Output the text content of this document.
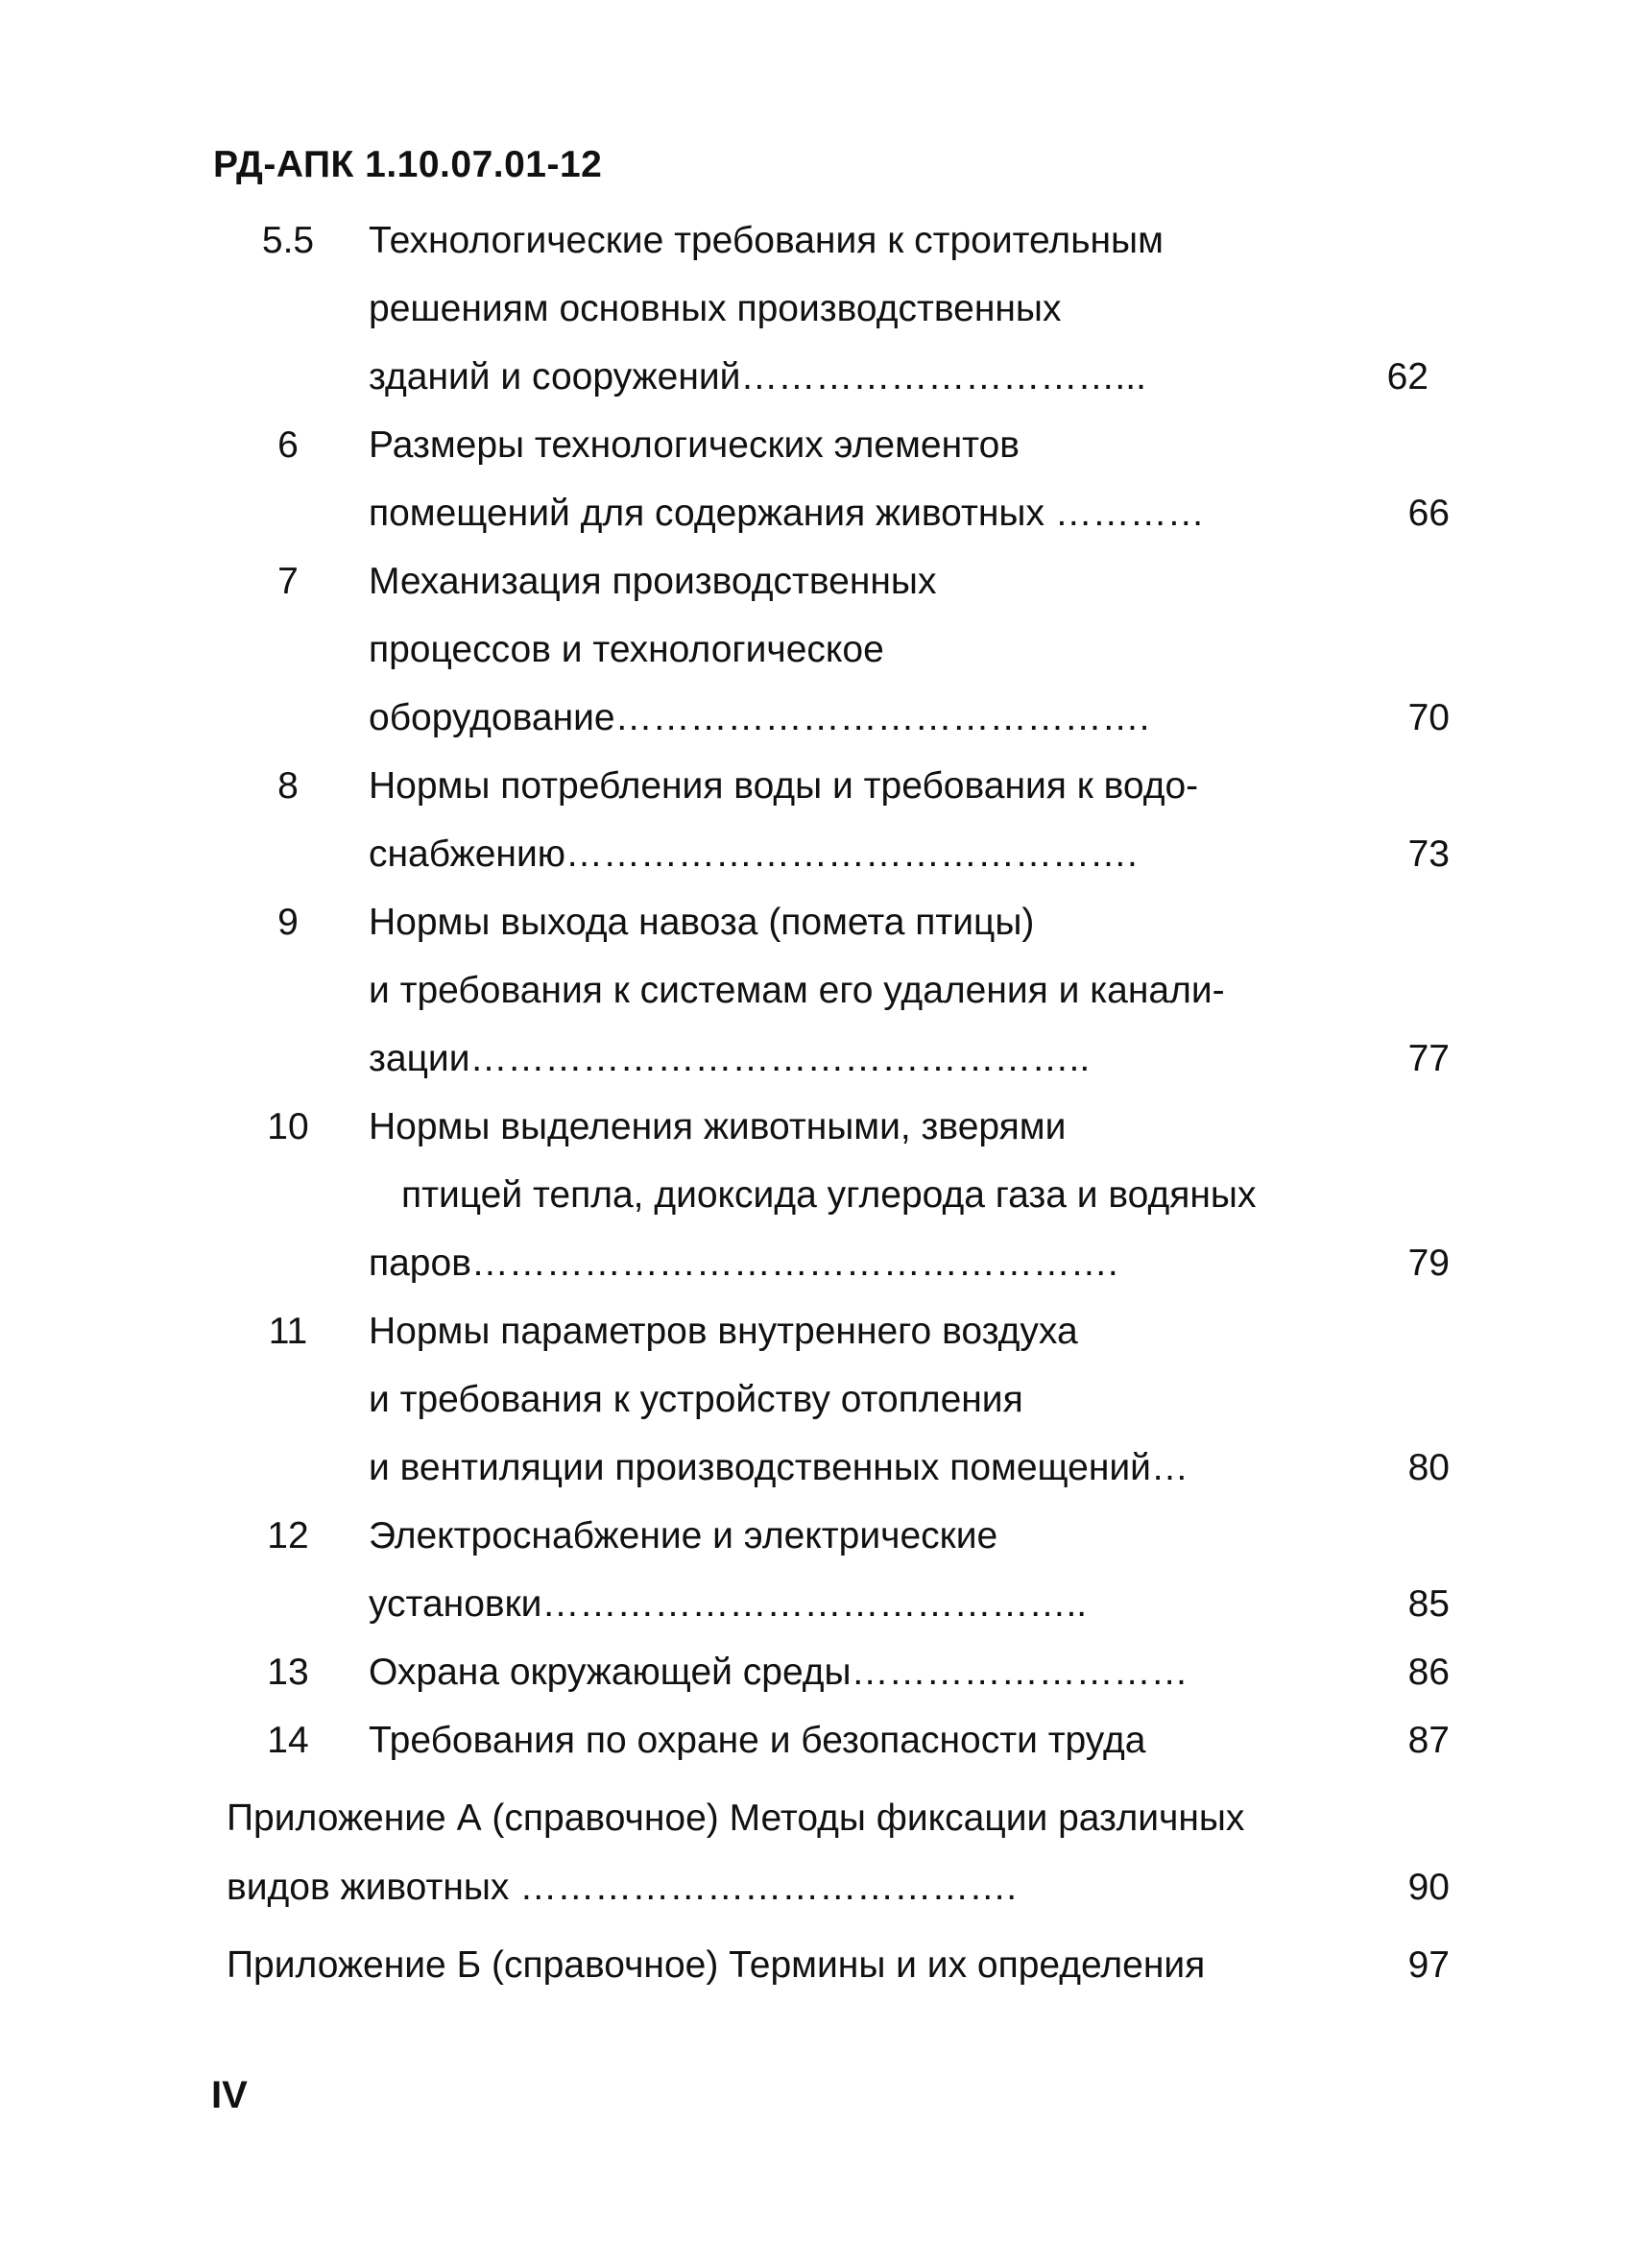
РД-АПК 1.10.07.01-12
5.5	Технологические требования к строительным
решениям основных производственных
зданий и сооружений…………………………...	62
6	Размеры технологических элементов
помещений для содержания животных …………	66
7	Механизация производственных
процессов и технологическое
оборудование…………………………………….	70
8	Нормы потребления воды и требования к водо-
снабжению……………………………………….	73
9	Нормы выхода навоза (помета птицы)
и требования к системам его удаления и канали-
зации…………………………………………..	77
10	Нормы выделения животными, зверями
птицей тепла, диоксида углерода газа и водяных
паров…………………………………………….	79
11	Нормы параметров внутреннего воздуха
и требования к устройству отопления
и вентиляции производственных помещений…	80
12	Электроснабжение и электрические
установки……………………………………..	85
13	Охрана окружающей среды………………………	86
14	Требования по охране и безопасности труда	87
Приложение А (справочное) Методы фиксации различных
видов животных ………………………………….	90
Приложение Б (справочное) Термины и их определения	97
IV
